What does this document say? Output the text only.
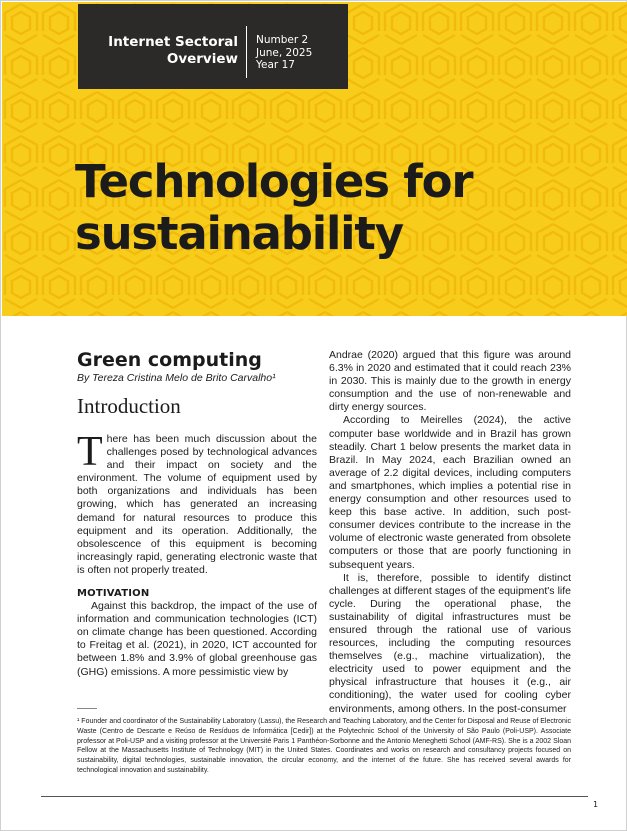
Internet Sectoral
Overview
Number 2
June, 2025
Year 17
Technologies for
sustainability
Green computing
By Tereza Cristina Melo de Brito Carvalho¹
Introduction
There has been much discussion about the challenges posed by technological advances and their impact on society and the environment. The volume of equipment used by both organizations and individuals has been growing, which has generated an increasing demand for natural resources to produce this equipment and its operation. Additionally, the obsolescence of this equipment is becoming increasingly rapid, generating electronic waste that is often not properly treated.
MOTIVATION
Against this backdrop, the impact of the use of information and communication technologies (ICT) on climate change has been questioned. According to Freitag et al. (2021), in 2020, ICT accounted for between 1.8% and 3.9% of global greenhouse gas (GHG) emissions. A more pessimistic view by
Andrae (2020) argued that this figure was around 6.3% in 2020 and estimated that it could reach 23% in 2030. This is mainly due to the growth in energy consumption and the use of non-renewable and dirty energy sources.
According to Meirelles (2024), the active computer base worldwide and in Brazil has grown steadily. Chart 1 below presents the market data in Brazil. In May 2024, each Brazilian owned an average of 2.2 digital devices, including computers and smartphones, which implies a potential rise in energy consumption and other resources used to keep this base active. In addition, such post-consumer devices contribute to the increase in the volume of electronic waste generated from obsolete computers or those that are poorly functioning in subsequent years.
It is, therefore, possible to identify distinct challenges at different stages of the equipment's life cycle. During the operational phase, the sustainability of digital infrastructures must be ensured through the rational use of various resources, including the computing resources themselves (e.g., machine virtualization), the electricity used to power equipment and the physical infrastructure that houses it (e.g., air conditioning), the water used for cooling cyber environments, among others. In the post-consumer
¹ Founder and coordinator of the Sustainability Laboratory (Lassu), the Research and Teaching Laboratory, and the Center for Disposal and Reuse of Electronic Waste (Centro de Descarte e Reúso de Resíduos de Informática [Cedir]) at the Polytechnic School of the University of São Paulo (Poli-USP). Associate professor at Poli-USP and a visiting professor at the Université Paris 1 Panthéon-Sorbonne and the Antonio Meneghetti School (AMF-RS). She is a 2002 Sloan Fellow at the Massachusetts Institute of Technology (MIT) in the United States. Coordinates and works on research and consultancy projects focused on sustainability, digital technologies, sustainable innovation, the circular economy, and the internet of the future. She has received several awards for technological innovation and sustainability.
1
